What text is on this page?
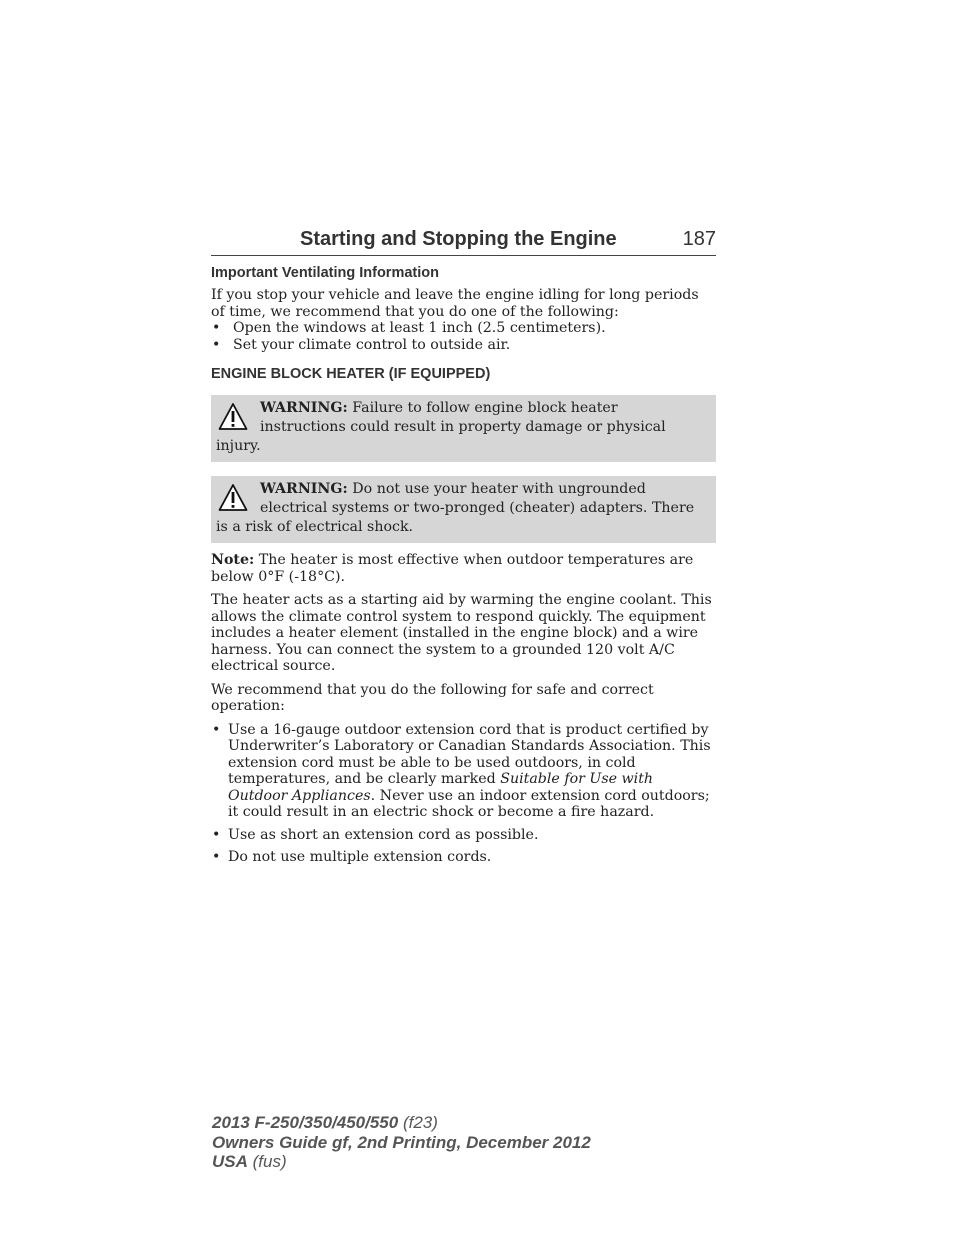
Starting and Stopping the Engine	187
Important Ventilating Information

If you stop your vehicle and leave the engine idling for long periods of time, we recommend that you do one of the following:

• Open the windows at least 1 inch (2.5 centimeters).
• Set your climate control to outside air.
ENGINE BLOCK HEATER (IF EQUIPPED)
WARNING: Failure to follow engine block heater instructions could result in property damage or physical injury.
WARNING: Do not use your heater with ungrounded electrical systems or two-pronged (cheater) adapters. There is a risk of electrical shock.

Note: The heater is most effective when outdoor temperatures are below 0°F (-18°C).

The heater acts as a starting aid by warming the engine coolant. This allows the climate control system to respond quickly. The equipment includes a heater element (installed in the engine block) and a wire harness. You can connect the system to a grounded 120 volt A/C electrical source.

We recommend that you do the following for safe and correct operation:

• Use a 16-gauge outdoor extension cord that is product certified by Underwriter’s Laboratory or Canadian Standards Association. This extension cord must be able to be used outdoors, in cold temperatures, and be clearly marked Suitable for Use with Outdoor Appliances. Never use an indoor extension cord outdoors; it could result in an electric shock or become a fire hazard.
• Use as short an extension cord as possible.
• Do not use multiple extension cords.
2013 F-250/350/450/550 (f23)
Owners Guide gf, 2nd Printing, December 2012
USA (fus)
